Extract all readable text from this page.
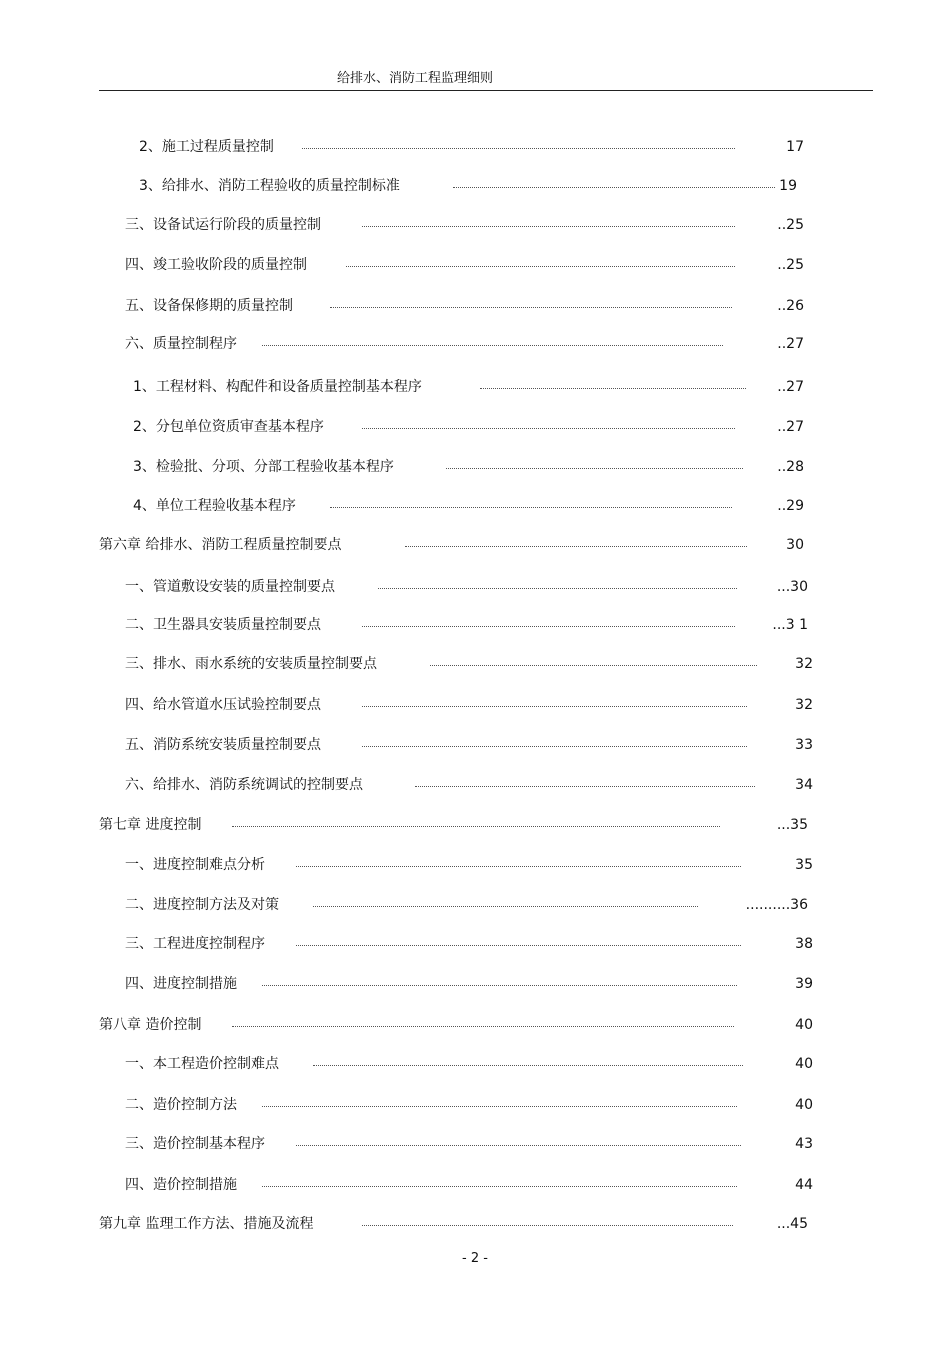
给排水、消防工程监理细则
2、施工过程质量控制	17
3、给排水、消防工程验收的质量控制标准	19
三、设备试运行阶段的质量控制	..25
四、竣工验收阶段的质量控制	..25
五、设备保修期的质量控制	..26
六、质量控制程序	..27
1、工程材料、构配件和设备质量控制基本程序	..27
2、分包单位资质审查基本程序	..27
3、检验批、分项、分部工程验收基本程序	..28
4、单位工程验收基本程序	..29
第六章 给排水、消防工程质量控制要点	30
一、管道敷设安装的质量控制要点	...30
二、卫生器具安装质量控制要点	...3 1
三、排水、雨水系统的安装质量控制要点	32
四、给水管道水压试验控制要点	32
五、消防系统安装质量控制要点	33
六、给排水、消防系统调试的控制要点	34
第七章 进度控制	...35
一、进度控制难点分析	35
二、进度控制方法及对策	..........36
三、工程进度控制程序	38
四、进度控制措施	39
第八章 造价控制	40
一、本工程造价控制难点	40
二、造价控制方法	40
三、造价控制基本程序	43
四、造价控制措施	44
第九章 监理工作方法、措施及流程	...45
- 2 -
